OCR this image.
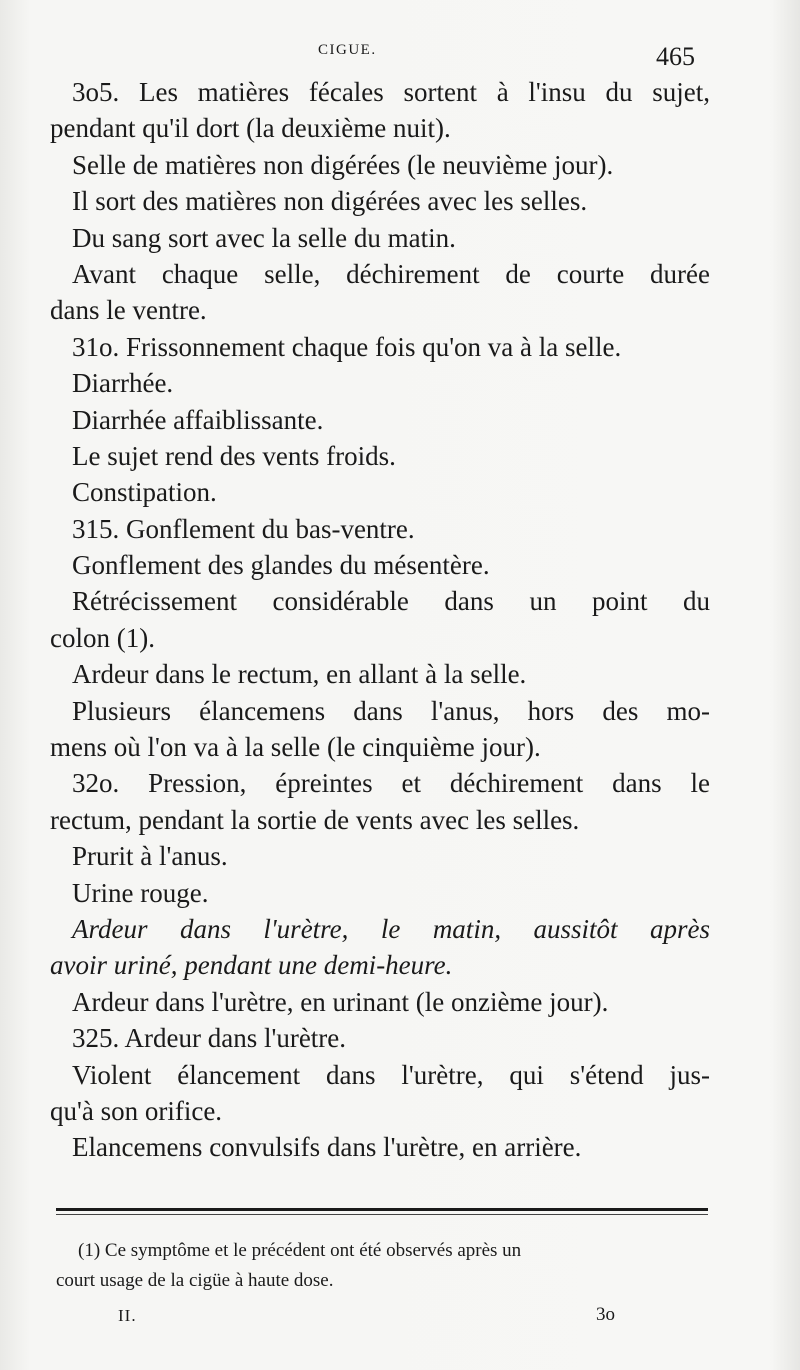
CIGUE.	465
3o5. Les matières fécales sortent à l'insu du sujet,
pendant qu'il dort (la deuxième nuit).
Selle de matières non digérées (le neuvième jour).
Il sort des matières non digérées avec les selles.
Du sang sort avec la selle du matin.
Avant chaque selle, déchirement de courte durée
dans le ventre.
31o. Frissonnement chaque fois qu'on va à la selle.
Diarrhée.
Diarrhée affaiblissante.
Le sujet rend des vents froids.
Constipation.
315. Gonflement du bas-ventre.
Gonflement des glandes du mésentère.
Rétrécissement considérable dans un point du
colon (1).
Ardeur dans le rectum, en allant à la selle.
Plusieurs élancemens dans l'anus, hors des mo-
mens où l'on va à la selle (le cinquième jour).
32o. Pression, épreintes et déchirement dans le
rectum, pendant la sortie de vents avec les selles.
Prurit à l'anus.
Urine rouge.
Ardeur dans l'urètre, le matin, aussitôt après
avoir uriné, pendant une demi-heure.
Ardeur dans l'urètre, en urinant (le onzième jour).
325. Ardeur dans l'urètre.
Violent élancement dans l'urètre, qui s'étend jus-
qu'à son orifice.
Elancemens convulsifs dans l'urètre, en arrière.
(1) Ce symptôme et le précédent ont été observés après un
court usage de la cigüe à haute dose.
II.	3o
